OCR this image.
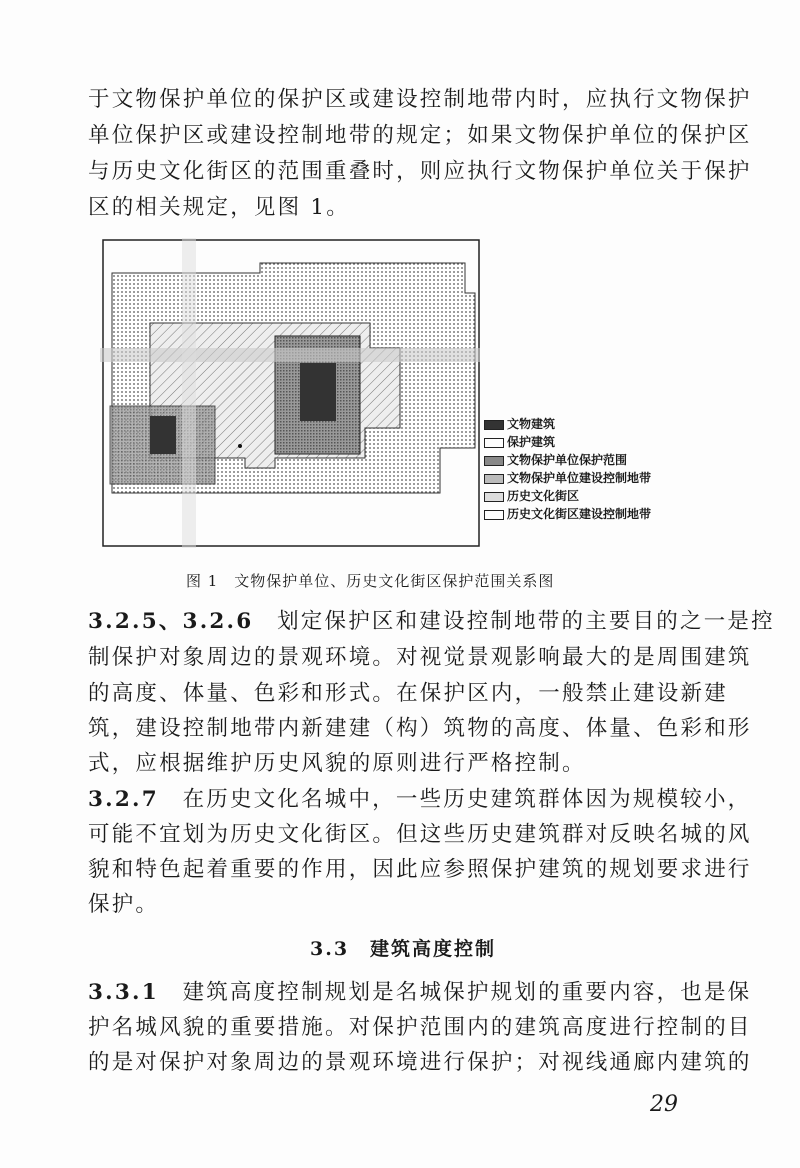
于文物保护单位的保护区或建设控制地带内时，应执行文物保护
单位保护区或建设控制地带的规定；如果文物保护单位的保护区
与历史文化街区的范围重叠时，则应执行文物保护单位关于保护
区的相关规定，见图 1。
文物建筑
保护建筑
文物保护单位保护范围
文物保护单位建设控制地带
历史文化街区
历史文化街区建设控制地带
图 1　文物保护单位、历史文化街区保护范围关系图
3.2.5、3.2.6　 划定保护区和建设控制地带的主要目的之一是控
制保护对象周边的景观环境。对视觉景观影响最大的是周围建筑
的高度、体量、色彩和形式。在保护区内，一般禁止建设新建
筑，建设控制地带内新建建（构）筑物的高度、体量、色彩和形
式，应根据维护历史风貌的原则进行严格控制。
3.2.7　 在历史文化名城中，一些历史建筑群体因为规模较小，
可能不宜划为历史文化街区。但这些历史建筑群对反映名城的风
貌和特色起着重要的作用，因此应参照保护建筑的规划要求进行
保护。
3.3　建筑高度控制
3.3.1　 建筑高度控制规划是名城保护规划的重要内容，也是保
护名城风貌的重要措施。对保护范围内的建筑高度进行控制的目
的是对保护对象周边的景观环境进行保护；对视线通廊内建筑的
29
